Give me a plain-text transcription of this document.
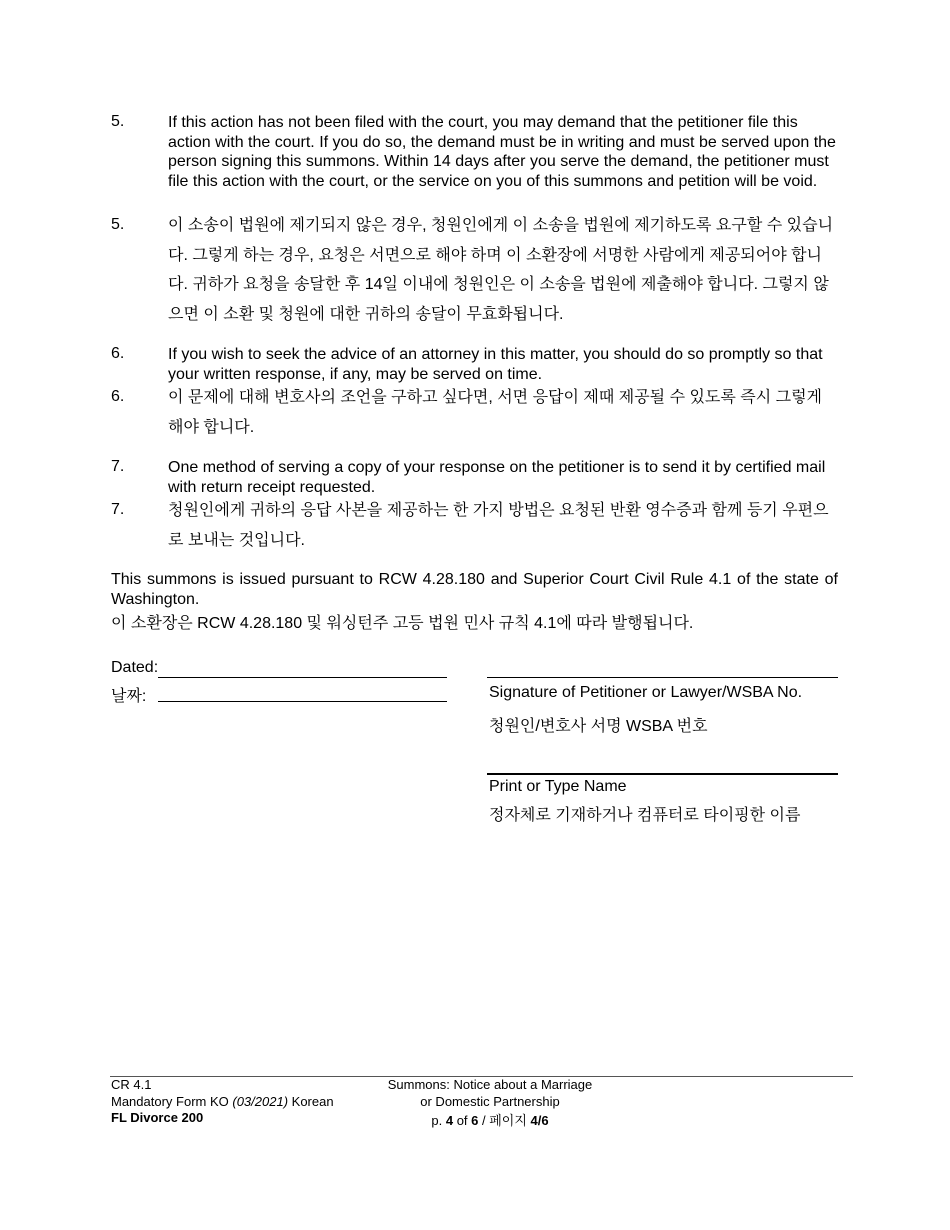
5.	If this action has not been filed with the court, you may demand that the petitioner file this action with the court. If you do so, the demand must be in writing and must be served upon the person signing this summons. Within 14 days after you serve the demand, the petitioner must file this action with the court, or the service on you of this summons and petition will be void.
5.	이 소송이 법원에 제기되지 않은 경우, 청원인에게 이 소송을 법원에 제기하도록 요구할 수 있습니다. 그렇게 하는 경우, 요청은 서면으로 해야 하며 이 소환장에 서명한 사람에게 제공되어야 합니다. 귀하가 요청을 송달한 후 14일 이내에 청원인은 이 소송을 법원에 제출해야 합니다. 그렇지 않으면 이 소환 및 청원에 대한 귀하의 송달이 무효화됩니다.
6.	If you wish to seek the advice of an attorney in this matter, you should do so promptly so that your written response, if any, may be served on time.
6.	이 문제에 대해 변호사의 조언을 구하고 싶다면, 서면 응답이 제때 제공될 수 있도록 즉시 그렇게 해야 합니다.
7.	One method of serving a copy of your response on the petitioner is to send it by certified mail with return receipt requested.
7.	청원인에게 귀하의 응답 사본을 제공하는 한 가지 방법은 요청된 반환 영수증과 함께 등기 우편으로 보내는 것입니다.
This summons is issued pursuant to RCW 4.28.180 and Superior Court Civil Rule 4.1 of the state of Washington.
이 소환장은 RCW 4.28.180 및 워싱턴주 고등 법원 민사 규칙 4.1에 따라 발행됩니다.
Dated:
날짜:	Signature of Petitioner or Lawyer/WSBA No.
청원인/변호사 서명 WSBA 번호
Print or Type Name
정자체로 기재하거나 컴퓨터로 타이핑한 이름
CR 4.1
Mandatory Form KO (03/2021) Korean
FL Divorce 200
Summons: Notice about a Marriage
or Domestic Partnership
p. 4 of 6 / 페이지 4/6
